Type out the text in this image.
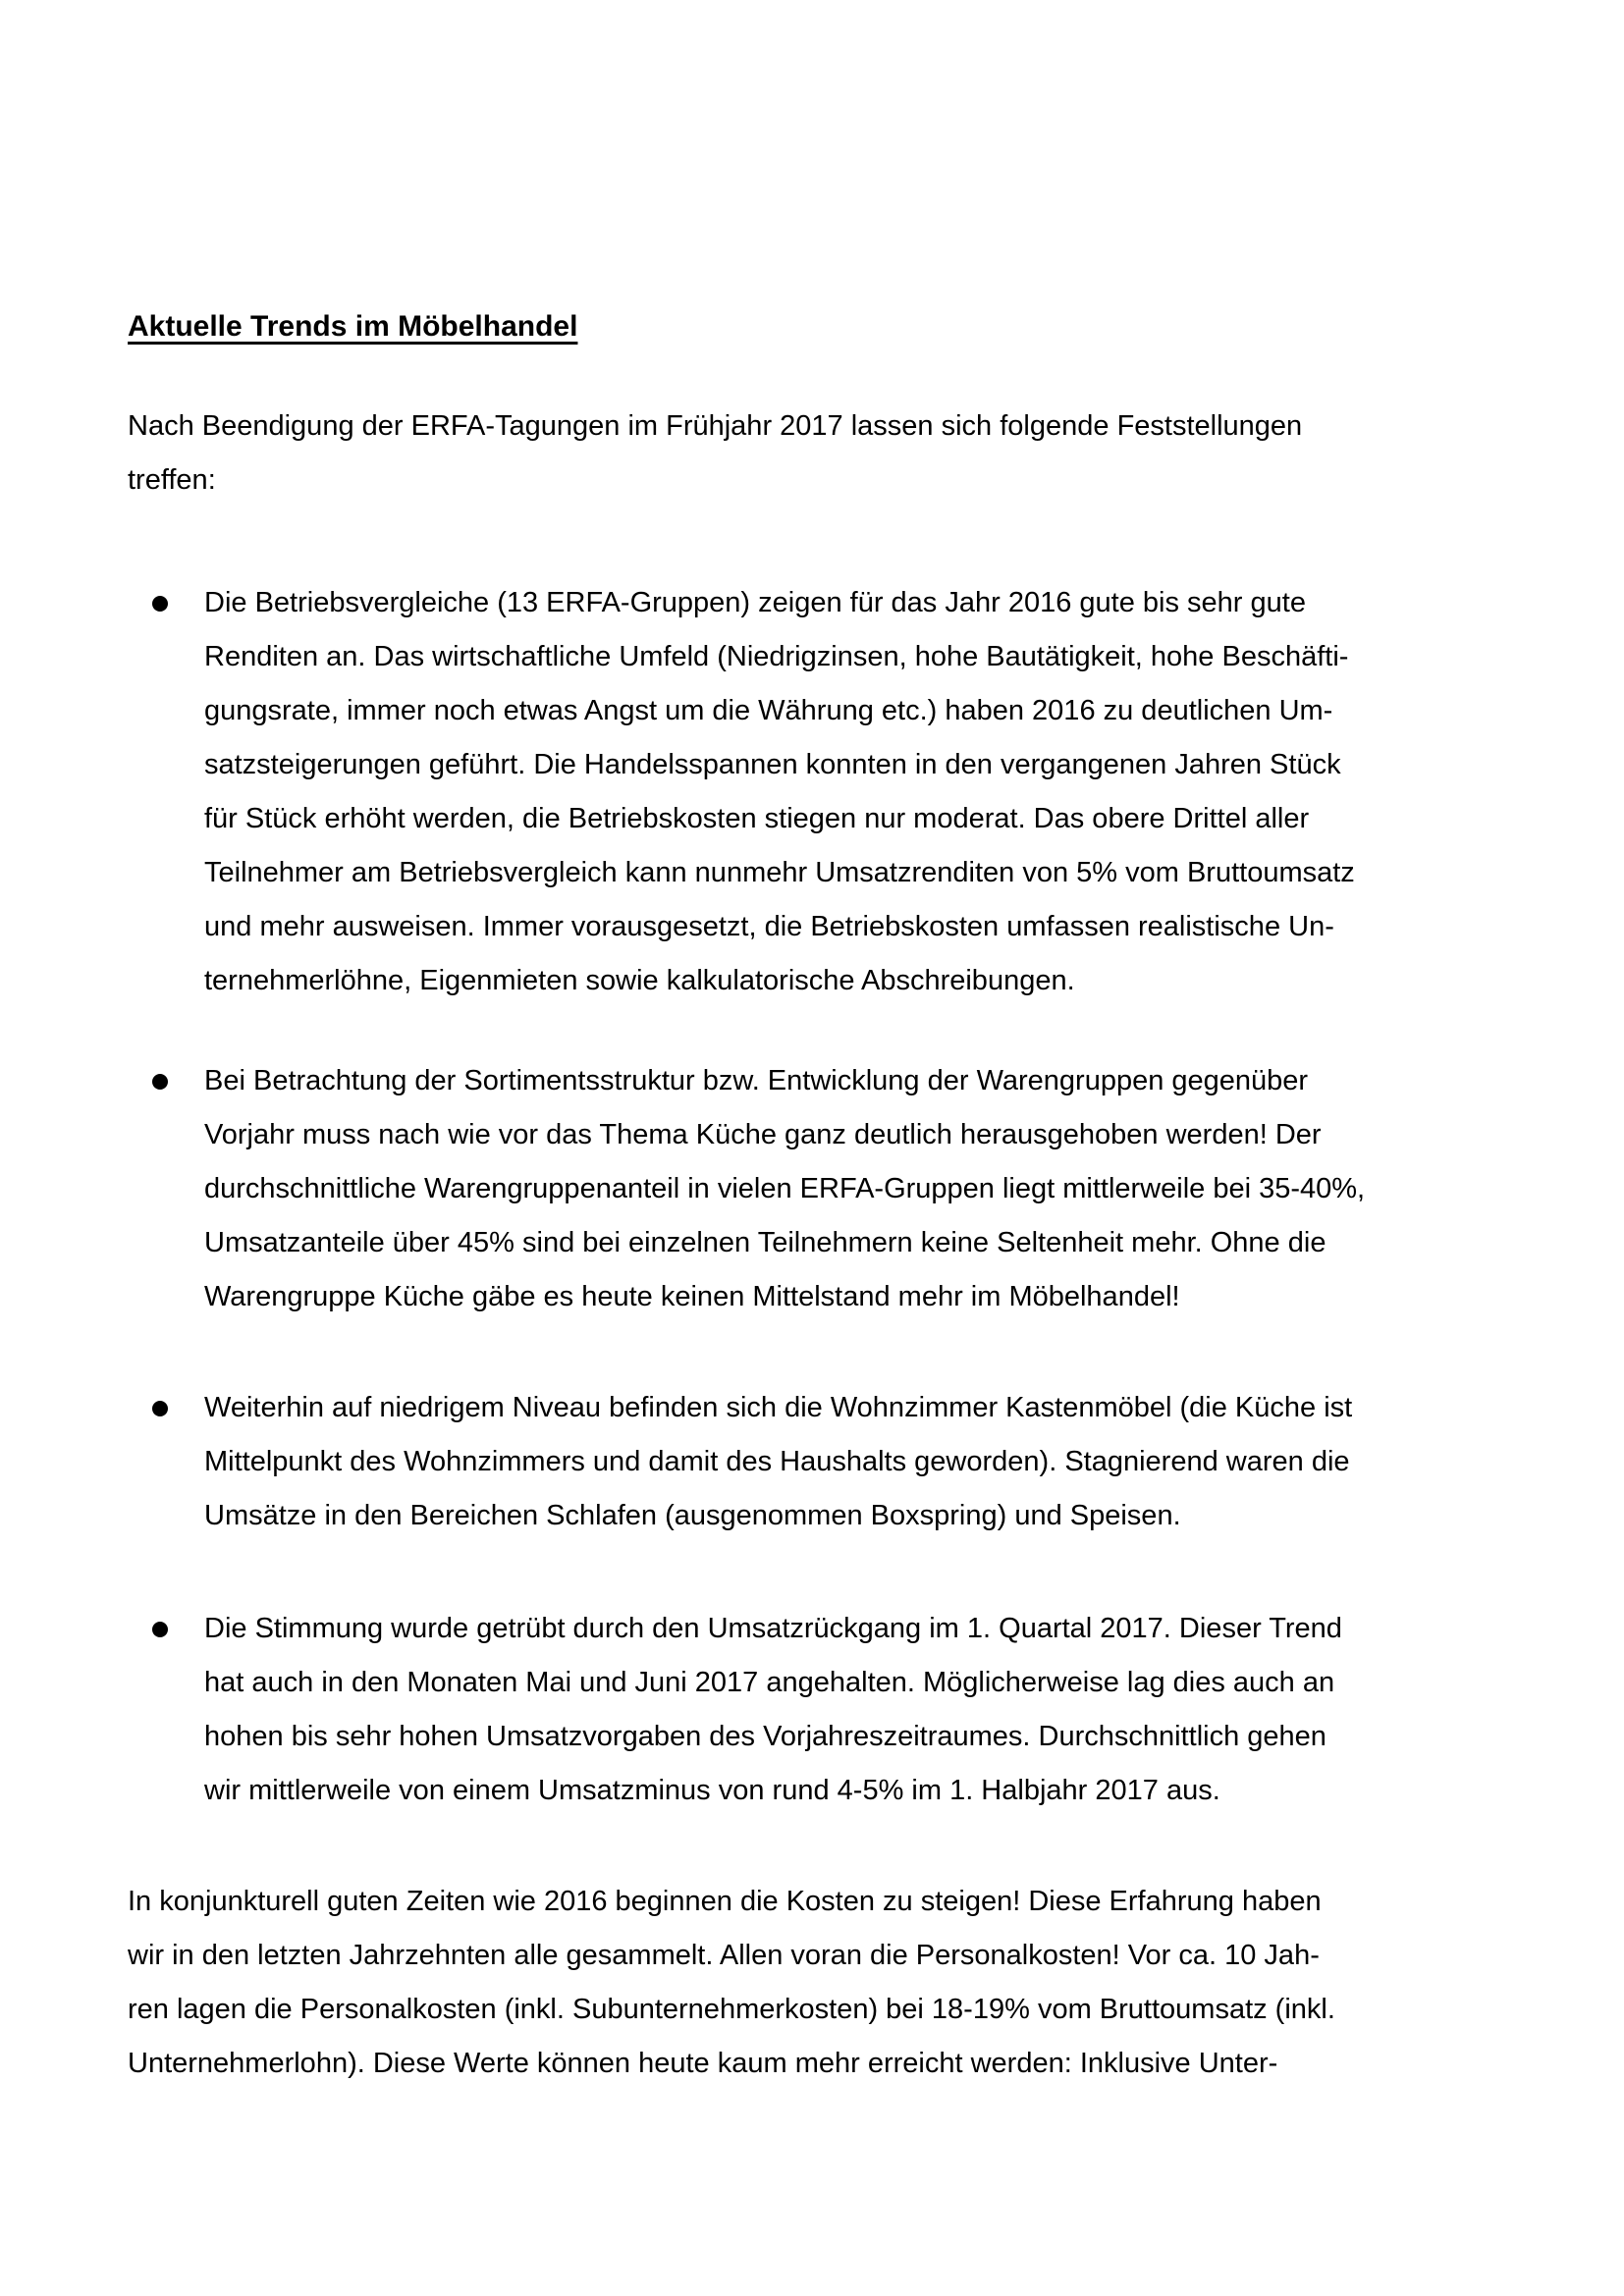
Aktuelle Trends im Möbelhandel
Nach Beendigung der ERFA-Tagungen im Frühjahr 2017 lassen sich folgende Feststellungen
treffen:
Die Betriebsvergleiche (13 ERFA-Gruppen) zeigen für das Jahr 2016 gute bis sehr gute
Renditen an. Das wirtschaftliche Umfeld (Niedrigzinsen, hohe Bautätigkeit, hohe Beschäfti-
gungsrate, immer noch etwas Angst um die Währung etc.) haben 2016 zu deutlichen Um-
satzsteigerungen geführt. Die Handelsspannen konnten in den vergangenen Jahren Stück
für Stück erhöht werden, die Betriebskosten stiegen nur moderat. Das obere Drittel aller
Teilnehmer am Betriebsvergleich kann nunmehr Umsatzrenditen von 5% vom Bruttoumsatz
und mehr ausweisen. Immer vorausgesetzt, die Betriebskosten umfassen realistische Un-
ternehmerlöhne, Eigenmieten sowie kalkulatorische Abschreibungen.
Bei Betrachtung der Sortimentsstruktur bzw. Entwicklung der Warengruppen gegenüber
Vorjahr muss nach wie vor das Thema Küche ganz deutlich herausgehoben werden! Der
durchschnittliche Warengruppenanteil in vielen ERFA-Gruppen liegt mittlerweile bei 35-40%,
Umsatzanteile über 45% sind bei einzelnen Teilnehmern keine Seltenheit mehr. Ohne die
Warengruppe Küche gäbe es heute keinen Mittelstand mehr im Möbelhandel!
Weiterhin auf niedrigem Niveau befinden sich die Wohnzimmer Kastenmöbel (die Küche ist
Mittelpunkt des Wohnzimmers und damit des Haushalts geworden). Stagnierend waren die
Umsätze in den Bereichen Schlafen (ausgenommen Boxspring) und Speisen.
Die Stimmung wurde getrübt durch den Umsatzrückgang im 1. Quartal 2017. Dieser Trend
hat auch in den Monaten Mai und Juni 2017 angehalten. Möglicherweise lag dies auch an
hohen bis sehr hohen Umsatzvorgaben des Vorjahreszeitraumes. Durchschnittlich gehen
wir mittlerweile von einem Umsatzminus von rund 4-5% im 1. Halbjahr 2017 aus.
In konjunkturell guten Zeiten wie 2016 beginnen die Kosten zu steigen! Diese Erfahrung haben
wir in den letzten Jahrzehnten alle gesammelt. Allen voran die Personalkosten! Vor ca. 10 Jah-
ren lagen die Personalkosten (inkl. Subunternehmerkosten) bei 18-19% vom Bruttoumsatz (inkl.
Unternehmerlohn). Diese Werte können heute kaum mehr erreicht werden: Inklusive Unter-
